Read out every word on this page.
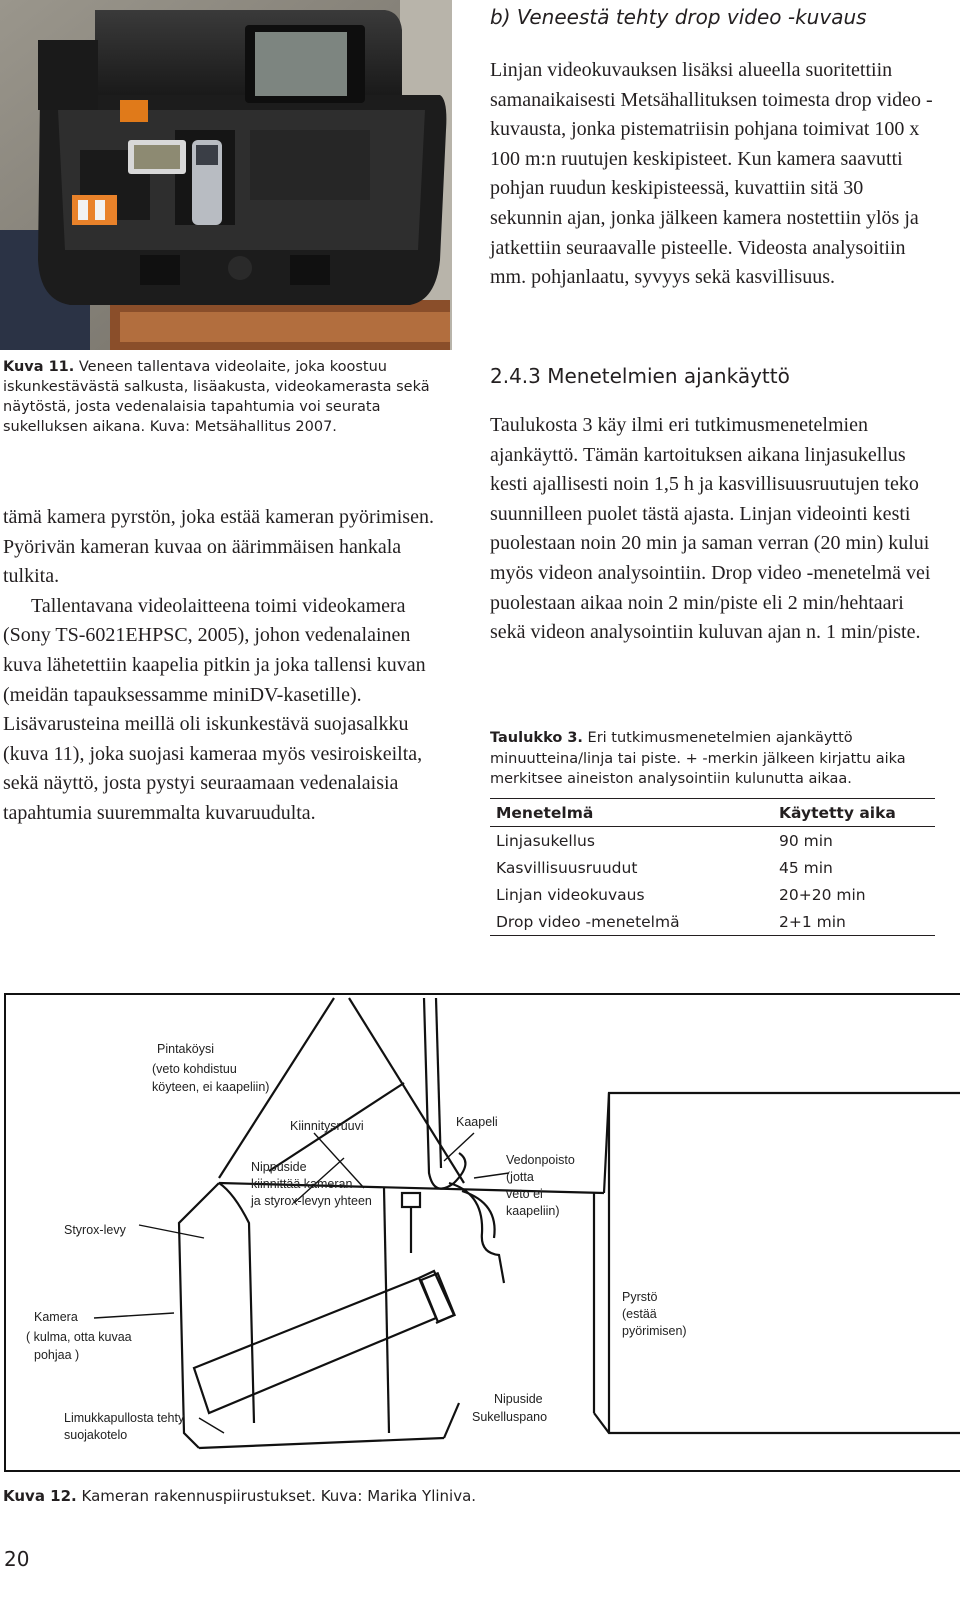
Kuva 11. Veneen tallentava videolaite, joka koostuu iskunkestävästä salkusta, lisäakusta, videokamerasta sekä näytöstä, josta vedenalaisia tapahtumia voi seurata sukelluksen aikana. Kuva: Metsähallitus 2007.

tämä kamera pyrstön, joka estää kameran pyörimisen. Pyörivän kameran kuvaa on äärimmäisen hankala tulkita.

Tallentavana videolaitteena toimi videokamera (Sony TS-6021EHPSC, 2005), johon vedenalainen kuva lähetettiin kaapelia pitkin ja joka tallensi kuvan (meidän tapauksessamme miniDV-kasetille). Lisävarusteina meillä oli iskunkestävä suojasalkku (kuva 11), joka suojasi kameraa myös vesiroiskeilta, sekä näyttö, josta pystyi seuraamaan vedenalaisia tapahtumia suuremmalta kuvaruudulta.

b) Veneestä tehty drop video -kuvaus

Linjan videokuvauksen lisäksi alueella suoritettiin samanaikaisesti Metsähallituksen toimesta drop video -kuvausta, jonka pistematriisin pohjana toimivat 100 x 100 m:n ruutujen keskipisteet. Kun kamera saavutti pohjan ruudun keskipisteessä, kuvattiin sitä 30 sekunnin ajan, jonka jälkeen kamera nostettiin ylös ja jatkettiin seuraavalle pisteelle. Videosta analysoitiin mm. pohjanlaatu, syvyys sekä kasvillisuus.

2.4.3 Menetelmien ajankäyttö

Taulukosta 3 käy ilmi eri tutkimusmenetelmien ajankäyttö. Tämän kartoituksen aikana linjasukellus kesti ajallisesti noin 1,5 h ja kasvillisuusruutujen teko suunnilleen puolet tästä ajasta. Linjan videointi kesti puolestaan noin 20 min ja saman verran (20 min) kului myös videon analysointiin. Drop video -menetelmä vei puolestaan aikaa noin 2 min/piste eli 2 min/hehtaari sekä videon analysointiin kuluvan ajan n. 1 min/piste.

Taulukko 3. Eri tutkimusmenetelmien ajankäyttö minuutteina/linja tai piste. + -merkin jälkeen kirjattu aika merkitsee aineiston analysointiin kulunutta aikaa.
Menetelmä	Käytetty aika
Linjasukellus	90 min
Kasvillisuusruudut	45 min
Linjan videokuvaus	20+20 min
Drop video -menetelmä	2+1 min
Pintaköysi
(veto kohdistuu
köyteen, ei kaapeliin)
Kiinnitysruuvi	Kaapeli
Vedonpoisto
(jotta
veto ei
kaapeliin)
Nippuside
kiinnittää kameran
ja styrox-levyn yhteen
Styrox-levy
Kamera
( kulma, otta kuvaa
pohjaa )
Pyrstö
(estää
pyörimisen)
Limukkapullosta tehty
suojakotelo
Nipuside
Sukelluspano
Kuva 12. Kameran rakennuspiirustukset. Kuva: Marika Yliniva.
20
